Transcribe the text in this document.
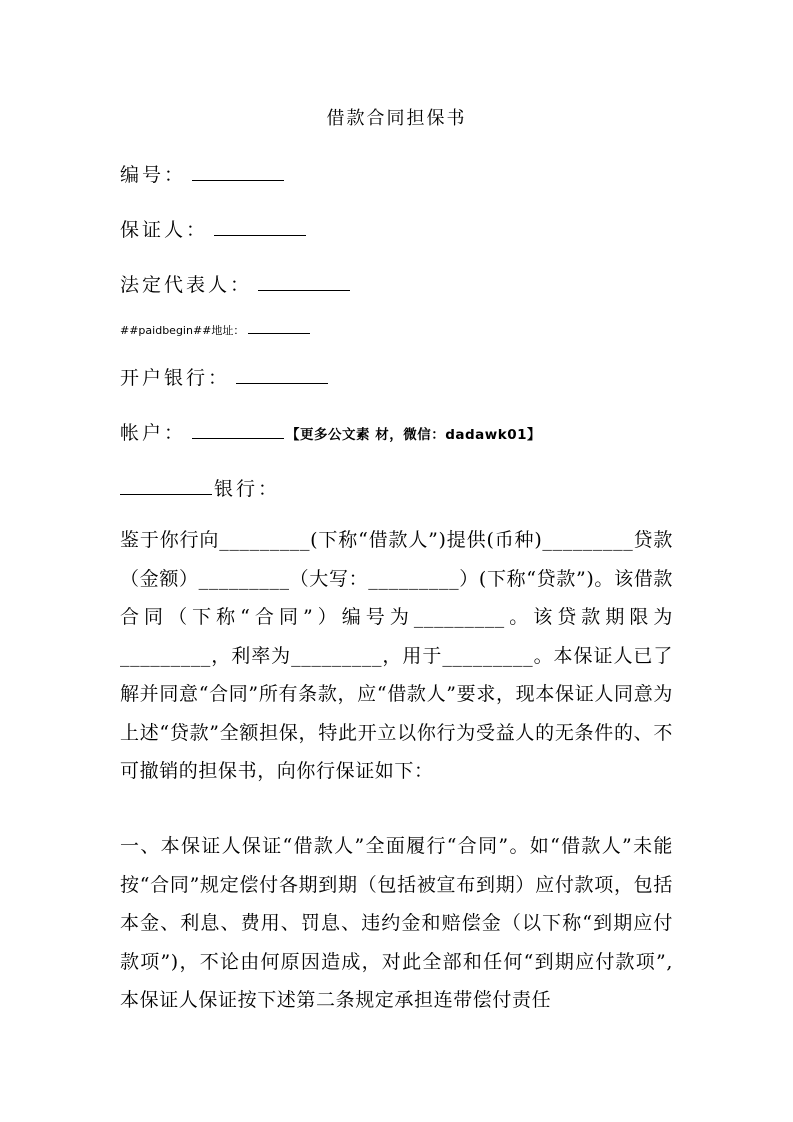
借款合同担保书
编号：
保证人：
法定代表人：
##paidbegin##地址：
开户银行：
帐户：	【更多公文素 材，微信：dadawk01】
银行：
鉴于你行向_________(下称“借款人”)提供(币种)_________贷款（金额）_________（大写：_________）(下称“贷款”)。该借款合同（下称“合同”）编号为_________。该贷款期限为_________，利率为_________，用于_________。本保证人已了解并同意“合同”所有条款，应“借款人”要求，现本保证人同意为上述“贷款”全额担保，特此开立以你行为受益人的无条件的、不可撤销的担保书，向你行保证如下：
一、本保证人保证“借款人”全面履行“合同”。如“借款人”未能按“合同”规定偿付各期到期（包括被宣布到期）应付款项，包括本金、利息、费用、罚息、违约金和赔偿金（以下称“到期应付款项”)，不论由何原因造成，对此全部和任何“到期应付款项”,本保证人保证按下述第二条规定承担连带偿付责任
